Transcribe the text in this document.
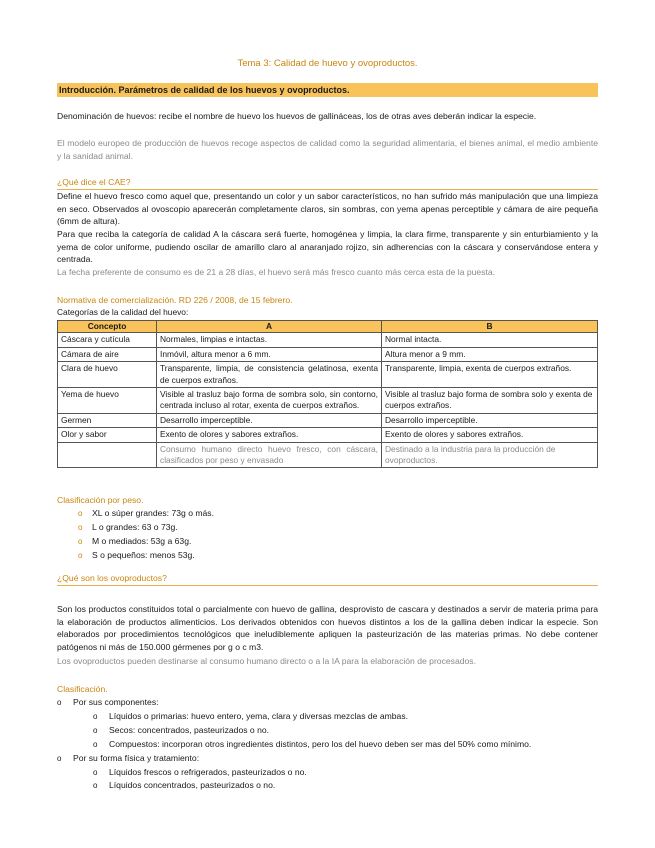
Tema 3: Calidad de huevo y ovoproductos.
Introducción. Parámetros de calidad de los huevos y ovoproductos.
Denominación de huevos: recibe el nombre de huevo los huevos de gallináceas, los de otras aves deberán indicar la especie.
El modelo europeo de producción de huevos recoge aspectos de calidad como la seguridad alimentaria, el bienes animal, el medio ambiente y la sanidad animal.
¿Qué dice el CAE?
Define el huevo fresco como aquel que, presentando un color y un sabor característicos, no han sufrido más manipulación que una limpieza en seco. Observados al ovoscopio aparecerán completamente claros, sin sombras, con yema apenas perceptible y cámara de aire pequeña (6mm de altura).
Para que reciba la categoría de calidad A la cáscara será fuerte, homogénea y limpia, la clara firme, transparente y sin enturbiamiento y la yema de color uniforme, pudiendo oscilar de amarillo claro al anaranjado rojizo, sin adherencias con la cáscara y conservándose entera y centrada.
La fecha preferente de consumo es de 21 a 28 días, el huevo será más fresco cuanto más cerca esta de la puesta.
Normativa de comercialización. RD 226 / 2008, de 15 febrero.
Categorías de la calidad del huevo:
Concepto	A	B
Cáscara y cutícula	Normales, limpias e intactas.	Normal intacta.
Cámara de aire	Inmóvil, altura menor a 6 mm.	Altura menor a 9 mm.
Clara de huevo	Transparente, limpia, de consistencia gelatinosa, exenta de cuerpos extraños.	Transparente, limpia, exenta de cuerpos extraños.
Yema de huevo	Visible al trasluz bajo forma de sombra solo, sin contorno, centrada incluso al rotar, exenta de cuerpos extraños.	Visible al trasluz bajo forma de sombra solo y exenta de cuerpos extraños.
Germen	Desarrollo imperceptible.	Desarrollo imperceptible.
Olor y sabor	Exento de olores y sabores extraños.	Exento de olores y sabores extraños.
	Consumo humano directo huevo fresco, con cáscara, clasificados por peso y envasado	Destinado a la industria para la producción de ovoproductos.
Clasificación por peso.
o XL o súper grandes: 73g o más.
o L o grandes: 63 o 73g.
o M o mediados: 53g a 63g.
o S o pequeños: menos 53g.
¿Qué son los ovoproductos?
Son los productos constituidos total o parcialmente con huevo de gallina, desprovisto de cascara y destinados a servir de materia prima para la elaboración de productos alimenticios. Los derivados obtenidos con huevos distintos a los de la gallina deben indicar la especie. Son elaborados por procedimientos tecnológicos que ineludiblemente apliquen la pasteurización de las materias primas. No debe contener patógenos ni más de 150.000 gérmenes por g o c m3.
Los ovoproductos pueden destinarse al consumo humano directo o a la IA para la elaboración de procesados.
Clasificación.
o Por sus componentes:
o Líquidos o primarias: huevo entero, yema, clara y diversas mezclas de ambas.
o Secos: concentrados, pasteurizados o no.
o Compuestos: incorporan otros ingredientes distintos, pero los del huevo deben ser mas del 50% como mínimo.
o Por su forma física y tratamiento:
o Líquidos frescos o refrigerados, pasteurizados o no.
o Líquidos concentrados, pasteurizados o no.
